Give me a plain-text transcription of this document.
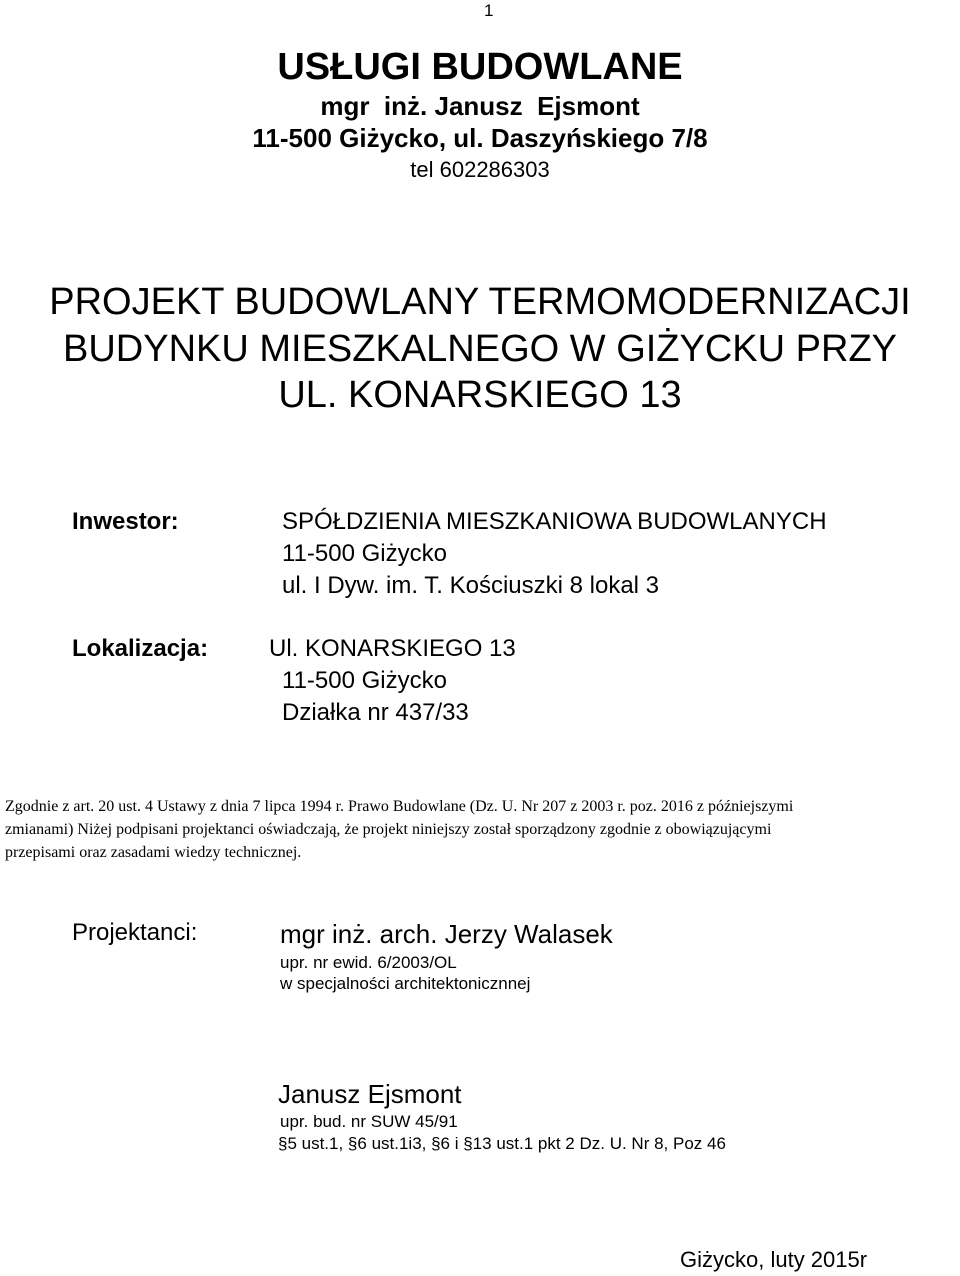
1
USŁUGI BUDOWLANE
mgr  inż. Janusz  Ejsmont
11-500 Giżycko, ul. Daszyńskiego 7/8
tel 602286303
PROJEKT BUDOWLANY TERMOMODERNIZACJI
BUDYNKU MIESZKALNEGO W GIŻYCKU PRZY
UL. KONARSKIEGO 13
Inwestor:	SPÓŁDZIENIA MIESZKANIOWA BUDOWLANYCH
11-500 Giżycko
ul. I Dyw. im. T. Kościuszki 8 lokal 3
Lokalizacja:	Ul. KONARSKIEGO 13
11-500 Giżycko
Działka nr 437/33
Zgodnie z art. 20 ust. 4 Ustawy z dnia 7 lipca 1994 r. Prawo Budowlane (Dz. U. Nr 207 z 2003 r. poz. 2016 z późniejszymi
zmianami) Niżej podpisani projektanci oświadczają, że projekt niniejszy został sporządzony zgodnie z obowiązującymi
przepisami oraz zasadami wiedzy technicznej.
Projektanci:	mgr inż. arch. Jerzy Walasek
upr. nr ewid. 6/2003/OL
w specjalności architektonicznnej
Janusz Ejsmont
upr. bud. nr SUW 45/91
§5 ust.1, §6 ust.1i3, §6 i §13 ust.1 pkt 2 Dz. U. Nr 8, Poz 46
Giżycko, luty 2015r
